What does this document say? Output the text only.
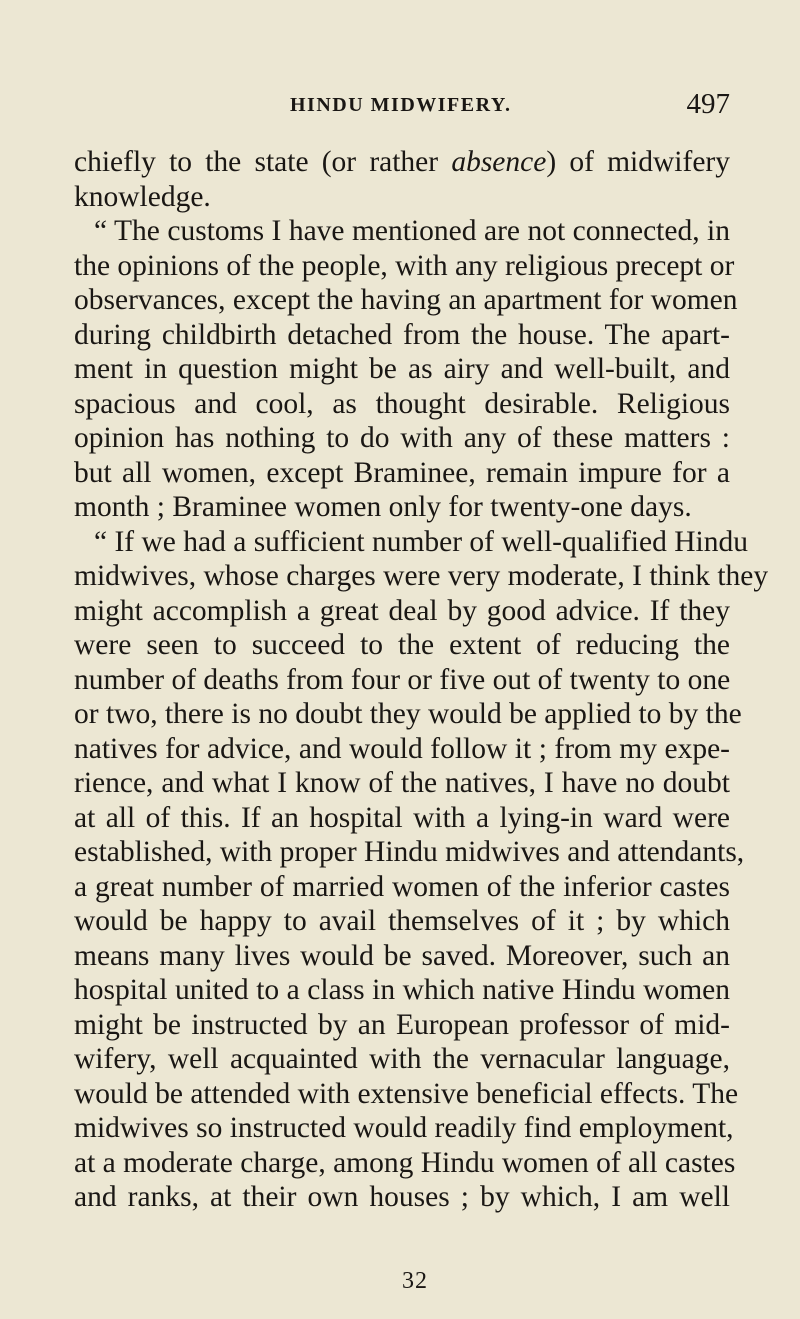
HINDU MIDWIFERY.	497
chiefly to the state (or rather absence) of midwifery
knowledge.
“ The customs I have mentioned are not connected, in
the opinions of the people, with any religious precept or
observances, except the having an apartment for women
during childbirth detached from the house. The apart-
ment in question might be as airy and well-built, and
spacious and cool, as thought desirable. Religious
opinion has nothing to do with any of these matters :
but all women, except Braminee, remain impure for a
month ; Braminee women only for twenty-one days.
“ If we had a sufficient number of well-qualified Hindu
midwives, whose charges were very moderate, I think they
might accomplish a great deal by good advice. If they
were seen to succeed to the extent of reducing the
number of deaths from four or five out of twenty to one
or two, there is no doubt they would be applied to by the
natives for advice, and would follow it ; from my expe-
rience, and what I know of the natives, I have no doubt
at all of this. If an hospital with a lying-in ward were
established, with proper Hindu midwives and attendants,
a great number of married women of the inferior castes
would be happy to avail themselves of it ; by which
means many lives would be saved. Moreover, such an
hospital united to a class in which native Hindu women
might be instructed by an European professor of mid-
wifery, well acquainted with the vernacular language,
would be attended with extensive beneficial effects. The
midwives so instructed would readily find employment,
at a moderate charge, among Hindu women of all castes
and ranks, at their own houses ; by which, I am well
32
